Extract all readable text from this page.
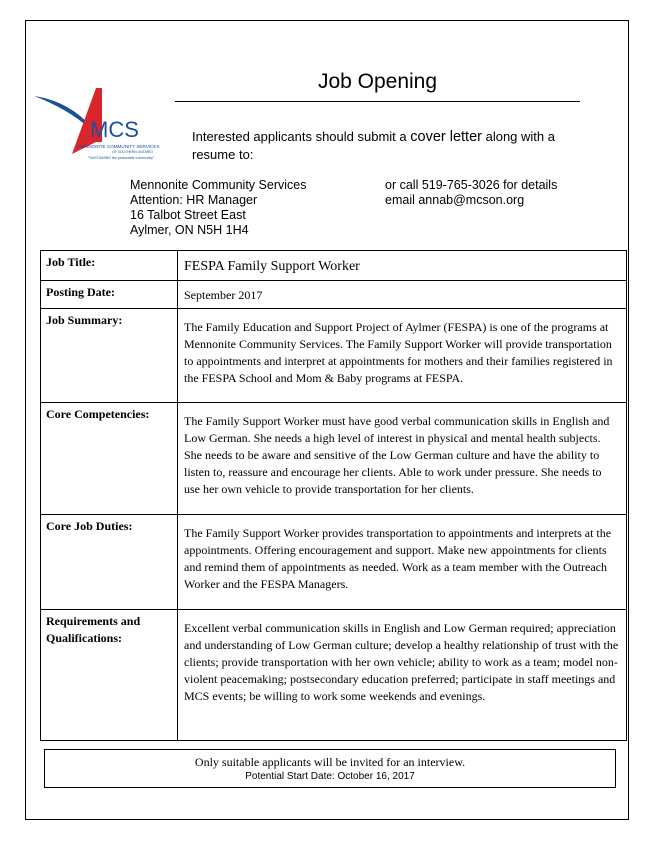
Job Opening
MCS
MENNONITE COMMUNITY SERVICES
OF SOUTHERN ONTARIO
"SUSTAINING the peaceable community"
Interested applicants should submit a cover letter along with a resume to:
Mennonite Community Services
Attention: HR Manager
16 Talbot Street East
Aylmer, ON N5H 1H4
or call 519-765-3026 for details
email annab@mcson.org
Job Title:	FESPA Family Support Worker
Posting Date:	September 2017
Job Summary:	The Family Education and Support Project of Aylmer (FESPA) is one of the programs at Mennonite Community Services. The Family Support Worker will provide transportation to appointments and interpret at appointments for mothers and their families registered in the FESPA School and Mom & Baby programs at FESPA.

Core Competencies:	The Family Support Worker must have good verbal communication skills in English and Low German. She needs a high level of interest in physical and mental health subjects. She needs to be aware and sensitive of the Low German culture and have the ability to listen to, reassure and encourage her clients. Able to work under pressure. She needs to use her own vehicle to provide transportation for her clients.

Core Job Duties:	The Family Support Worker provides transportation to appointments and interprets at the appointments. Offering encouragement and support. Make new appointments for clients and remind them of appointments as needed. Work as a team member with the Outreach Worker and the FESPA Managers.

Requirements and Qualifications:	Excellent verbal communication skills in English and Low German required; appreciation and understanding of Low German culture; develop a healthy relationship of trust with the clients; provide transportation with her own vehicle; ability to work as a team; model non-violent peacemaking; postsecondary education preferred; participate in staff meetings and MCS events; be willing to work some weekends and evenings.
Only suitable applicants will be invited for an interview.
Potential Start Date: October 16, 2017
